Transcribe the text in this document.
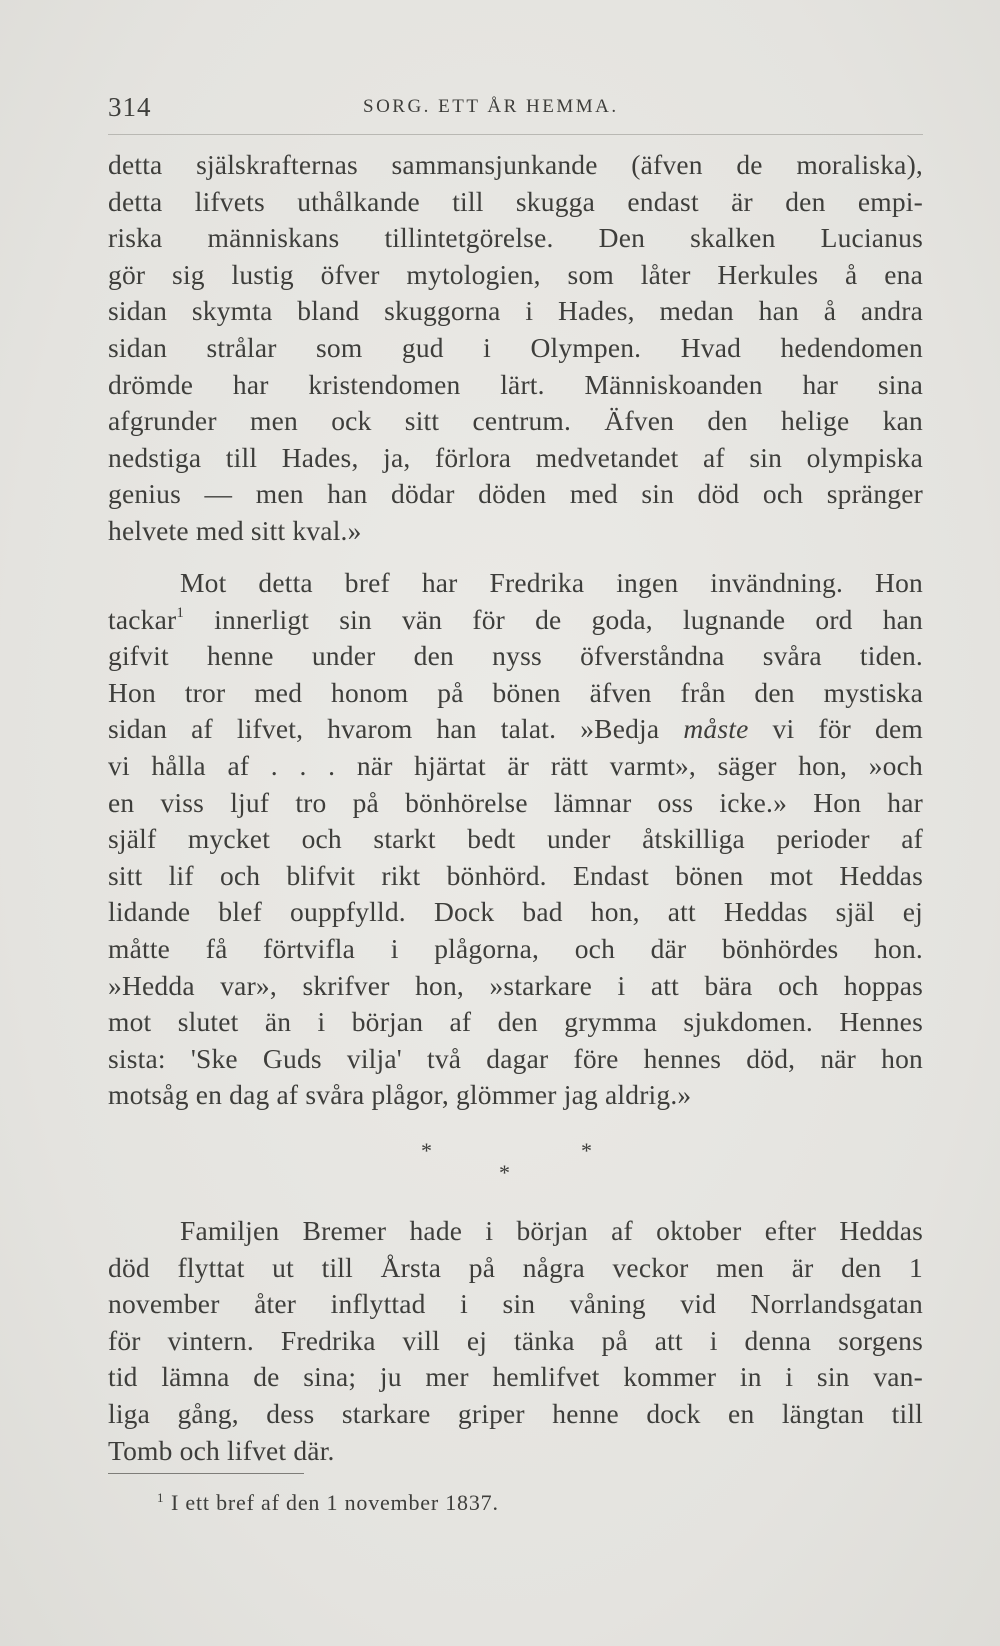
314	SORG. ETT ÅR HEMMA.
detta själskrafternas sammansjunkande (äfven de moraliska),
detta lifvets uthålkande till skugga endast är den empi-
riska människans tillintetgörelse. Den skalken Lucianus
gör sig lustig öfver mytologien, som låter Herkules å ena
sidan skymta bland skuggorna i Hades, medan han å andra
sidan strålar som gud i Olympen. Hvad hedendomen
drömde har kristendomen lärt. Människoanden har sina
afgrunder men ock sitt centrum. Äfven den helige kan
nedstiga till Hades, ja, förlora medvetandet af sin olympiska
genius — men han dödar döden med sin död och spränger
helvete med sitt kval.»
Mot detta bref har Fredrika ingen invändning. Hon
tackar$^1$ innerligt sin vän för de goda, lugnande ord han
gifvit henne under den nyss öfverståndna svåra tiden.
Hon tror med honom på bönen äfven från den mystiska
sidan af lifvet, hvarom han talat. »Bedja måste vi för dem
vi hålla af . . . när hjärtat är rätt varmt», säger hon, »och
en viss ljuf tro på bönhörelse lämnar oss icke.» Hon har
själf mycket och starkt bedt under åtskilliga perioder af
sitt lif och blifvit rikt bönhörd. Endast bönen mot Heddas
lidande blef ouppfylld. Dock bad hon, att Heddas själ ej
måtte få förtvifla i plågorna, och där bönhördes hon.
»Hedda var», skrifver hon, »starkare i att bära och hoppas
mot slutet än i början af den grymma sjukdomen. Hennes
sista: 'Ske Guds vilja' två dagar före hennes död, när hon
motsåg en dag af svåra plågor, glömmer jag aldrig.»
*
*
*
Familjen Bremer hade i början af oktober efter Heddas
död flyttat ut till Årsta på några veckor men är den 1
november åter inflyttad i sin våning vid Norrlandsgatan
för vintern. Fredrika vill ej tänka på att i denna sorgens
tid lämna de sina; ju mer hemlifvet kommer in i sin van-
liga gång, dess starkare griper henne dock en längtan till
Tomb och lifvet där.
1 I ett bref af den 1 november 1837.
